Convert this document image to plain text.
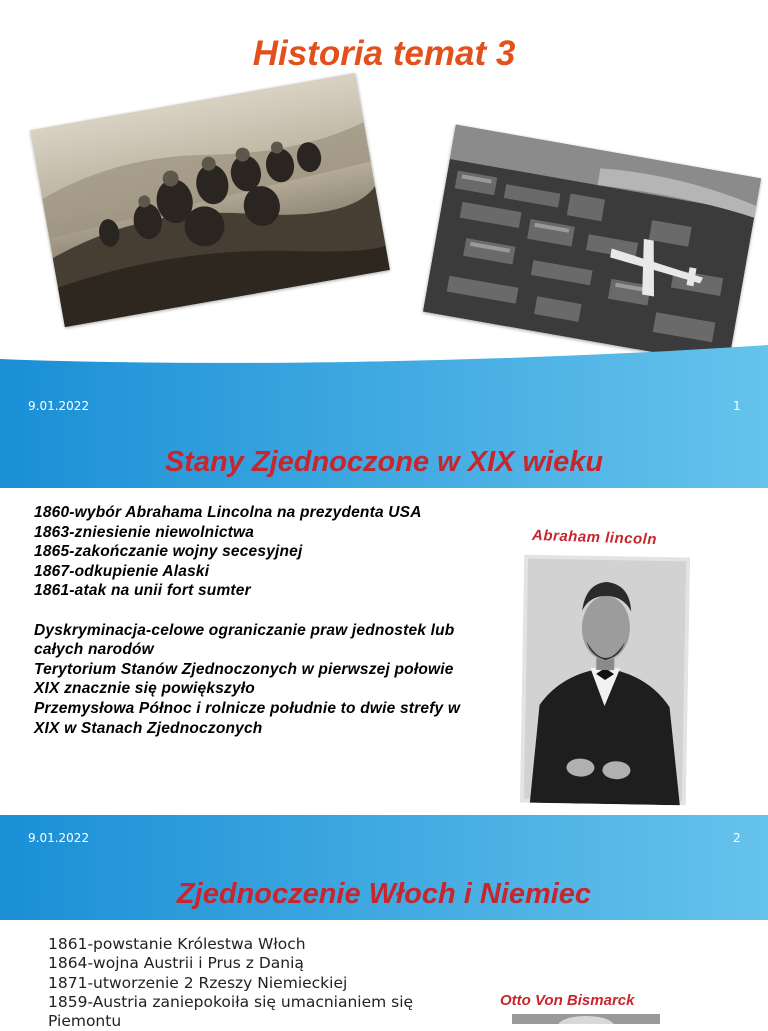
Historia temat 3
9.01.2022	1
Stany Zjednoczone w XIX wieku
1860-wybór Abrahama Lincolna na prezydenta USA
1863-zniesienie niewolnictwa
1865-zakończanie wojny secesyjnej
1867-odkupienie Alaski
1861-atak na unii fort sumter
Dyskryminacja-celowe ograniczanie praw jednostek lub
całych narodów
Terytorium Stanów Zjednoczonych w pierwszej połowie
XIX znacznie się powiększyło
Przemysłowa Północ i rolnicze południe to dwie strefy w
XIX w Stanach Zjednoczonych
Abraham lincoln
9.01.2022	2
Zjednoczenie Włoch i Niemiec
1861-powstanie Królestwa Włoch
1864-wojna Austrii i Prus z Danią
1871-utworzenie 2 Rzeszy Niemieckiej
1859-Austria zaniepokoiła się umacnianiem się
Piemontu
Otto Von Bismarck
